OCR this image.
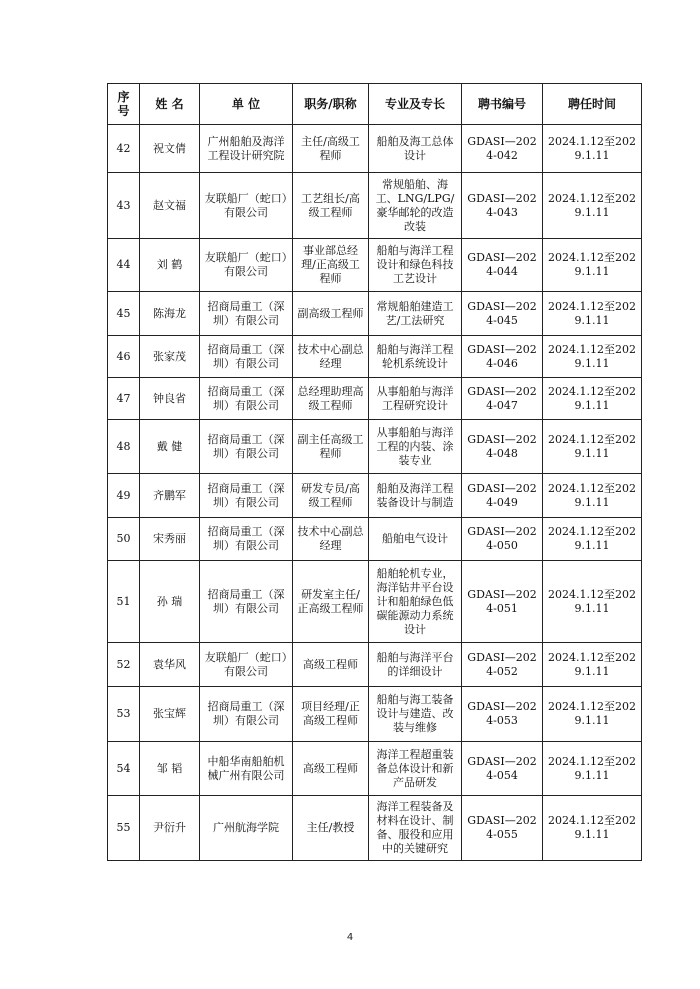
序号	姓 名	单 位	职务/职称	专业及专长	聘书编号	聘任时间
42	祝文倩	广州船舶及海洋工程设计研究院	主任/高级工程师	船舶及海工总体设计	GDASI—2024-042	2024.1.12至2029.1.11
43	赵文福	友联船厂（蛇口）有限公司	工艺组长/高级工程师	常规船舶、海工、LNG/LPG/豪华邮轮的改造改装	GDASI—2024-043	2024.1.12至2029.1.11
44	刘 鹤	友联船厂（蛇口）有限公司	事业部总经理/正高级工程师	船舶与海洋工程设计和绿色科技工艺设计	GDASI—2024-044	2024.1.12至2029.1.11
45	陈海龙	招商局重工（深圳）有限公司	副高级工程师	常规船舶建造工艺/工法研究	GDASI—2024-045	2024.1.12至2029.1.11
46	张家茂	招商局重工（深圳）有限公司	技术中心副总经理	船舶与海洋工程轮机系统设计	GDASI—2024-046	2024.1.12至2029.1.11
47	钟良省	招商局重工（深圳）有限公司	总经理助理高级工程师	从事船舶与海洋工程研究设计	GDASI—2024-047	2024.1.12至2029.1.11
48	戴 健	招商局重工（深圳）有限公司	副主任高级工程师	从事船舶与海洋工程的内装、涂装专业	GDASI—2024-048	2024.1.12至2029.1.11
49	齐鹏军	招商局重工（深圳）有限公司	研发专员/高级工程师	船舶及海洋工程装备设计与制造	GDASI—2024-049	2024.1.12至2029.1.11
50	宋秀丽	招商局重工（深圳）有限公司	技术中心副总经理	船舶电气设计	GDASI—2024-050	2024.1.12至2029.1.11
51	孙 瑞	招商局重工（深圳）有限公司	研发室主任/正高级工程师	船舶轮机专业，海洋钻井平台设计和船舶绿色低碳能源动力系统设计	GDASI—2024-051	2024.1.12至2029.1.11
52	袁华风	友联船厂（蛇口）有限公司	高级工程师	船舶与海洋平台的详细设计	GDASI—2024-052	2024.1.12至2029.1.11
53	张宝辉	招商局重工（深圳）有限公司	项目经理/正高级工程师	船舶与海工装备设计与建造、改装与维修	GDASI—2024-053	2024.1.12至2029.1.11
54	邹 韬	中船华南船舶机械广州有限公司	高级工程师	海洋工程超重装备总体设计和新产品研发	GDASI—2024-054	2024.1.12至2029.1.11
55	尹衍升	广州航海学院	主任/教授	海洋工程装备及材料在设计、制备、服役和应用中的关键研究	GDASI—2024-055	2024.1.12至2029.1.11
4
